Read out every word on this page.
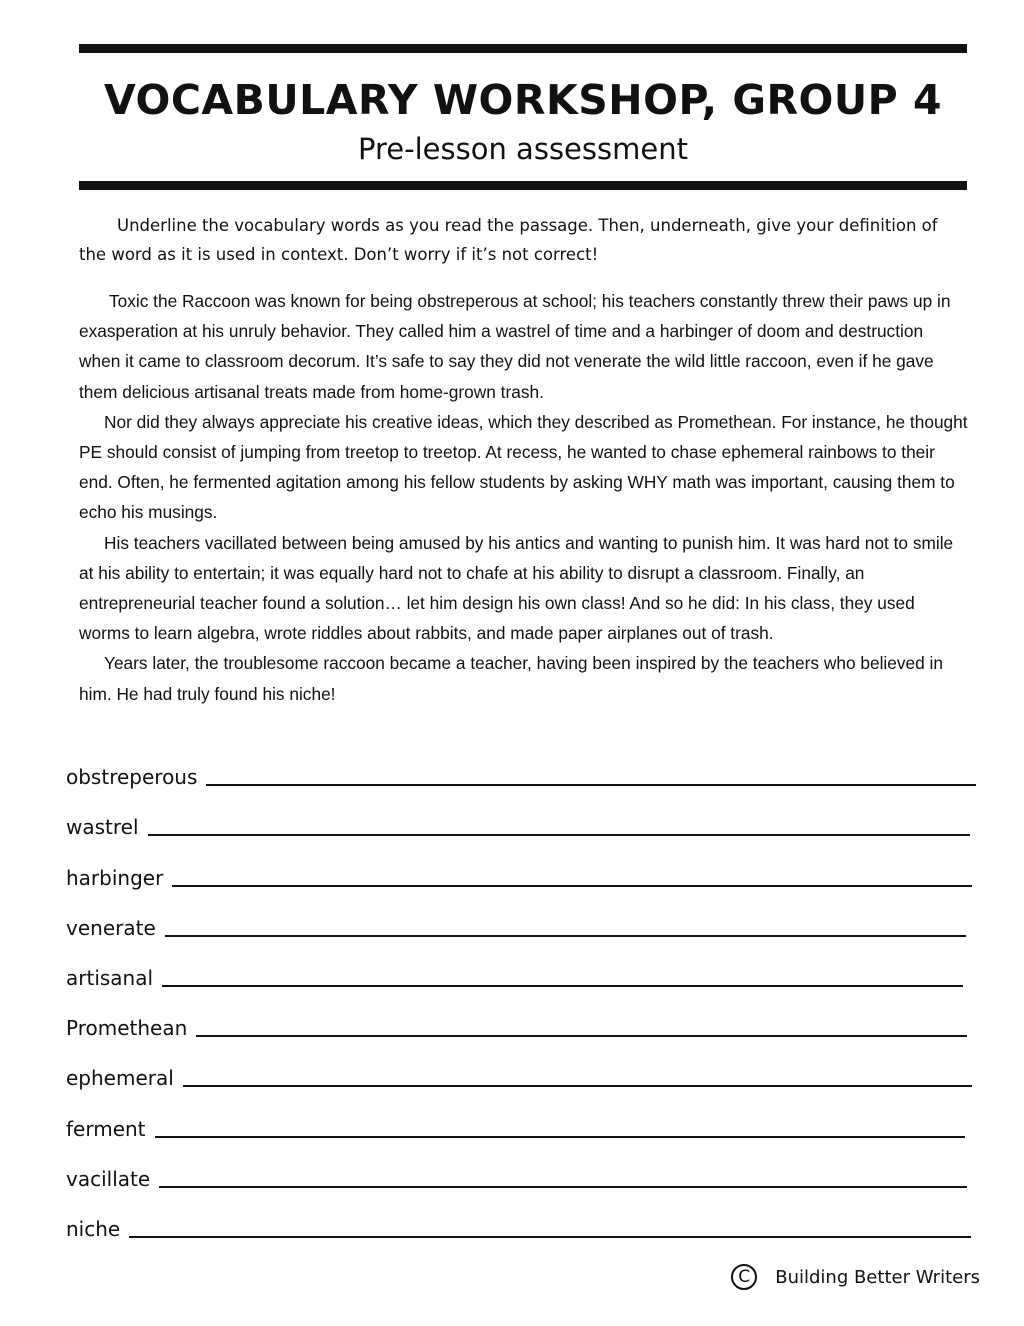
VOCABULARY WORKSHOP, GROUP 4
Pre-lesson assessment

Underline the vocabulary words as you read the passage. Then, underneath, give your definition of the word as it is used in context. Don’t worry if it’s not correct!

Toxic the Raccoon was known for being obstreperous at school; his teachers constantly threw their paws up in exasperation at his unruly behavior. They called him a wastrel of time and a harbinger of doom and destruction when it came to classroom decorum. It’s safe to say they did not venerate the wild little raccoon, even if he gave them delicious artisanal treats made from home-grown trash.

Nor did they always appreciate his creative ideas, which they described as Promethean. For instance, he thought PE should consist of jumping from treetop to treetop. At recess, he wanted to chase ephemeral rainbows to their end. Often, he fermented agitation among his fellow students by asking WHY math was important, causing them to echo his musings.

His teachers vacillated between being amused by his antics and wanting to punish him. It was hard not to smile at his ability to entertain; it was equally hard not to chafe at his ability to disrupt a classroom. Finally, an entrepreneurial teacher found a solution… let him design his own class! And so he did: In his class, they used worms to learn algebra, wrote riddles about rabbits, and made paper airplanes out of trash.

Years later, the troublesome raccoon became a teacher, having been inspired by the teachers who believed in him. He had truly found his niche!

obstreperous
wastrel
harbinger
venerate
artisanal
Promethean
ephemeral
ferment
vacillate
niche
C	Building Better Writers
